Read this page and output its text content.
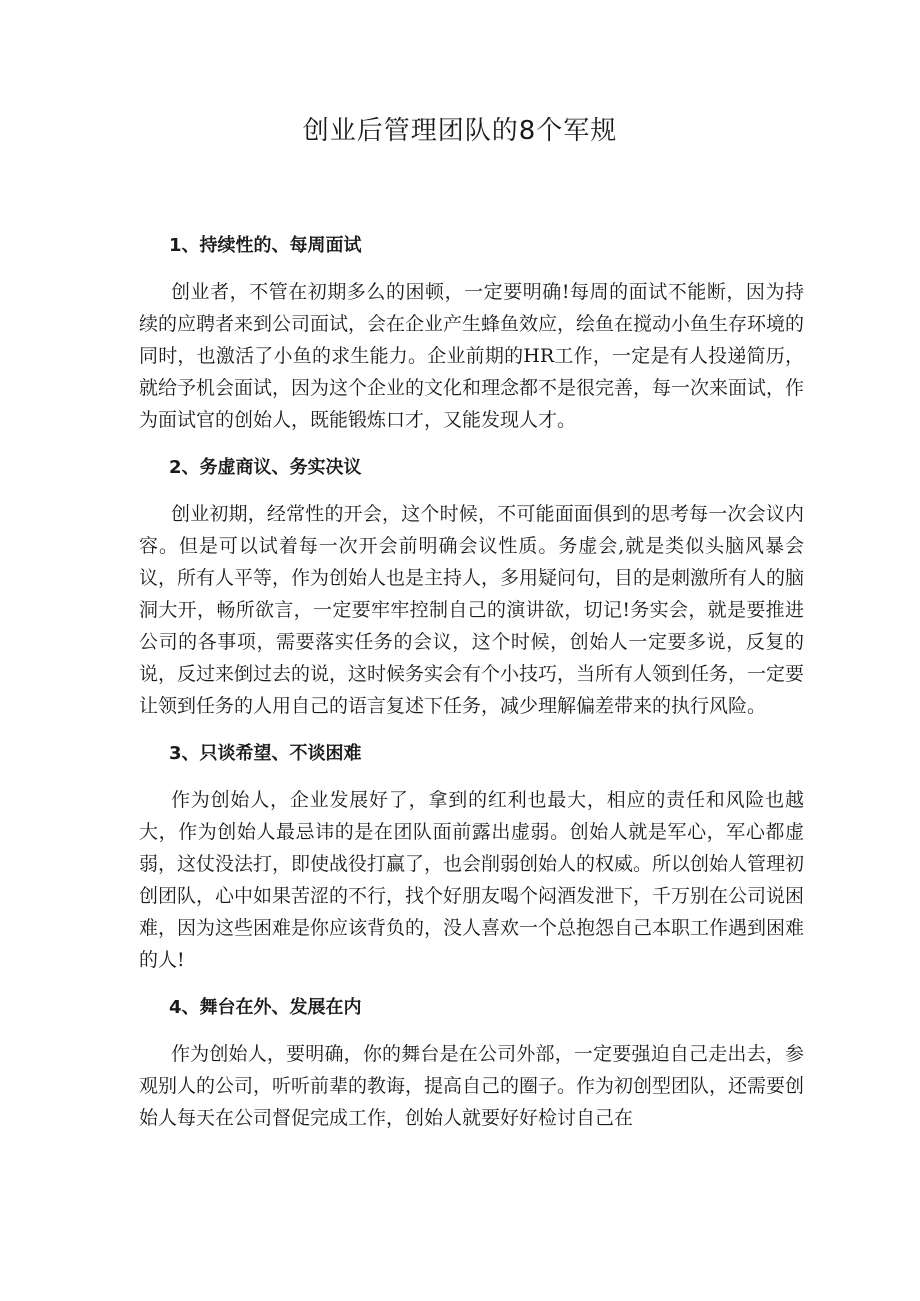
创业后管理团队的8个军规

1、持续性的、每周面试

创业者，不管在初期多么的困顿，一定要明确!每周的面试不能断，因为持续的应聘者来到公司面试，会在企业产生蜂鱼效应，绘鱼在搅动小鱼生存环境的同时，也激活了小鱼的求生能力。企业前期的HR工作，一定是有人投递简历，就给予机会面试，因为这个企业的文化和理念都不是很完善，每一次来面试，作为面试官的创始人，既能锻炼口才，又能发现人才。

2、务虚商议、务实决议

创业初期，经常性的开会，这个时候，不可能面面俱到的思考每一次会议内容。但是可以试着每一次开会前明确会议性质。务虚会,就是类似头脑风暴会议，所有人平等，作为创始人也是主持人，多用疑问句，目的是刺激所有人的脑洞大开，畅所欲言，一定要牢牢控制自己的演讲欲，切记!务实会，就是要推进公司的各事项，需要落实任务的会议，这个时候，创始人一定要多说，反复的说，反过来倒过去的说，这时候务实会有个小技巧，当所有人领到任务，一定要让领到任务的人用自己的语言复述下任务，减少理解偏差带来的执行风险。

3、只谈希望、不谈困难

作为创始人，企业发展好了，拿到的红利也最大，相应的责任和风险也越大，作为创始人最忌讳的是在团队面前露出虚弱。创始人就是军心，军心都虚弱，这仗没法打，即使战役打赢了，也会削弱创始人的权威。所以创始人管理初创团队，心中如果苦涩的不行，找个好朋友喝个闷酒发泄下，千万别在公司说困难，因为这些困难是你应该背负的，没人喜欢一个总抱怨自己本职工作遇到困难的人!

4、舞台在外、发展在内

作为创始人，要明确，你的舞台是在公司外部，一定要强迫自己走出去，参观别人的公司，听听前辈的教诲，提高自己的圈子。作为初创型团队，还需要创始人每天在公司督促完成工作，创始人就要好好检讨自己在
